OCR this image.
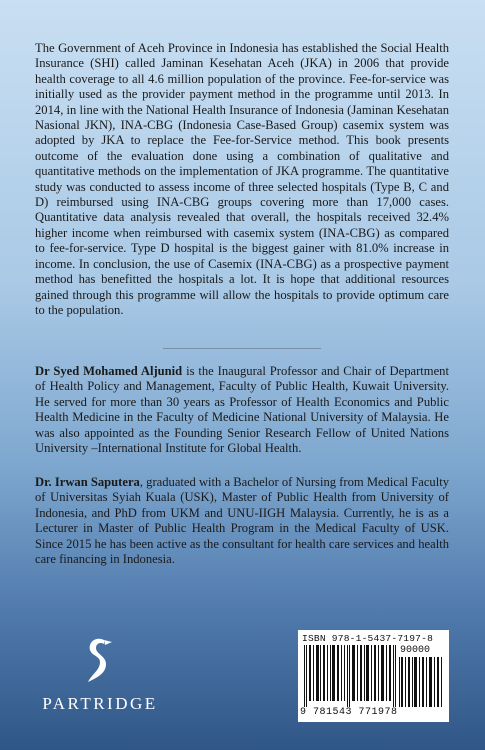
The Government of Aceh Province in Indonesia has established the Social Health Insurance (SHI) called Jaminan Kesehatan Aceh (JKA) in 2006 that provide health coverage to all 4.6 million population of the province. Fee-for-service was initially used as the provider payment method in the programme until 2013. In 2014, in line with the National Health Insurance of Indonesia (Jaminan Kesehatan Nasional JKN), INA-CBG (Indonesia Case-Based Group) casemix system was adopted by JKA to replace the Fee-for-Service method. This book presents outcome of the evaluation done using a combination of qualitative and quantitative methods on the implementation of JKA programme. The quantitative study was conducted to assess income of three selected hospitals (Type B, C and D) reimbursed using INA-CBG groups covering more than 17,000 cases. Quantitative data analysis revealed that overall, the hospitals received 32.4% higher income when reimbursed with casemix system (INA-CBG) as compared to fee-for-service. Type D hospital is the biggest gainer with 81.0% increase in income. In conclusion, the use of Casemix (INA-CBG) as a prospective payment method has benefitted the hospitals a lot. It is hope that additional resources gained through this programme will allow the hospitals to provide optimum care to the population.

Dr Syed Mohamed Aljunid is the Inaugural Professor and Chair of Department of Health Policy and Management, Faculty of Public Health, Kuwait University. He served for more than 30 years as Professor of Health Economics and Public Health Medicine in the Faculty of Medicine National University of Malaysia. He was also appointed as the Founding Senior Research Fellow of United Nations University –International Institute for Global Health.

Dr. Irwan Saputera, graduated with a Bachelor of Nursing from Medical Faculty of Universitas Syiah Kuala (USK), Master of Public Health from University of Indonesia, and PhD from UKM and UNU-IIGH Malaysia. Currently, he is as a Lecturer in Master of Public Health Program in the Medical Faculty of USK. Since 2015 he has been active as the consultant for health care services and health care financing in Indonesia.

PARTRIDGE
ISBN 978-1-5437-7197-8
90000
9 781543 771978
